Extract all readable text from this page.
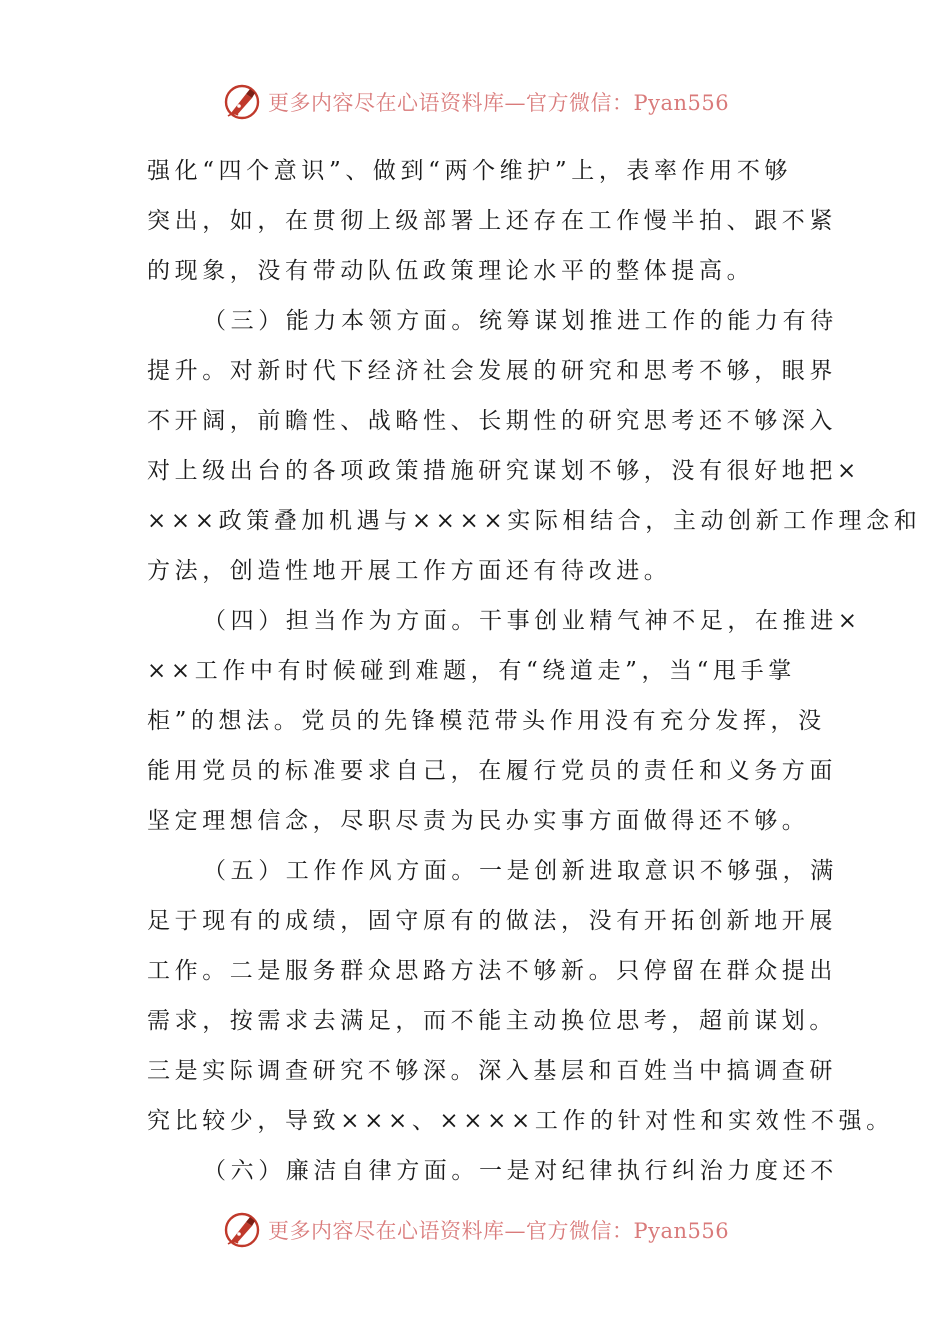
更多内容尽在心语资料库—官方微信：Pyan556
强化“四个意识”、做到“两个维护”上，表率作用不够
突出，如，在贯彻上级部署上还存在工作慢半拍、跟不紧
的现象，没有带动队伍政策理论水平的整体提高。
（三）能力本领方面。统筹谋划推进工作的能力有待
提升。对新时代下经济社会发展的研究和思考不够，眼界
不开阔，前瞻性、战略性、长期性的研究思考还不够深入
对上级出台的各项政策措施研究谋划不够，没有很好地把×
×××政策叠加机遇与××××实际相结合，主动创新工作理念和
方法，创造性地开展工作方面还有待改进。
（四）担当作为方面。干事创业精气神不足，在推进×
××工作中有时候碰到难题，有“绕道走”，当“甩手掌
柜”的想法。党员的先锋模范带头作用没有充分发挥，没
能用党员的标准要求自己，在履行党员的责任和义务方面
坚定理想信念，尽职尽责为民办实事方面做得还不够。
（五）工作作风方面。一是创新进取意识不够强，满
足于现有的成绩，固守原有的做法，没有开拓创新地开展
工作。二是服务群众思路方法不够新。只停留在群众提出
需求，按需求去满足，而不能主动换位思考，超前谋划。
三是实际调查研究不够深。深入基层和百姓当中搞调查研
究比较少，导致×××、××××工作的针对性和实效性不强。
（六）廉洁自律方面。一是对纪律执行纠治力度还不
更多内容尽在心语资料库—官方微信：Pyan556
